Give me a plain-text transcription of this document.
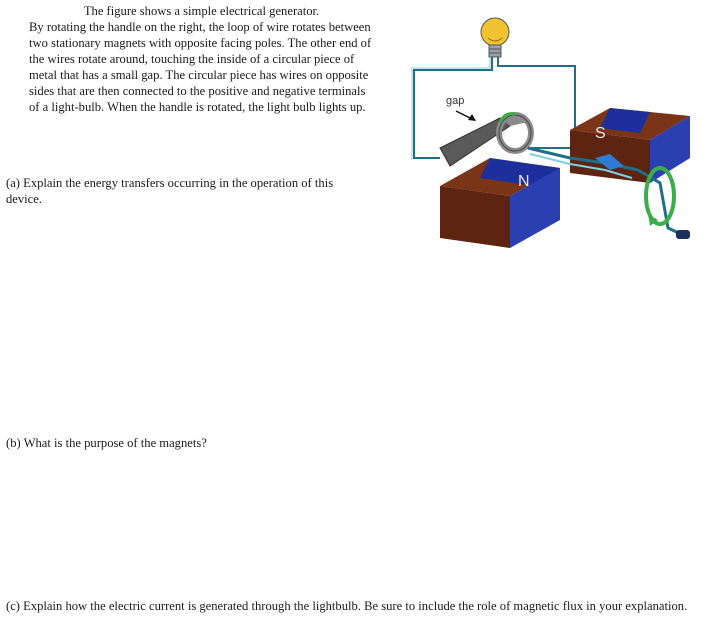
The figure shows a simple electrical generator.
By rotating the handle on the right, the loop of wire rotates between two stationary magnets with opposite facing poles. The other end of the wires rotate around, touching the inside of a circular piece of metal that has a small gap. The circular piece has wires on opposite sides that are then connected to the positive and negative terminals of a light-bulb. When the handle is rotated, the light bulb lights up.
S
gap
N
(a) Explain the energy transfers occurring in the operation of this device.
(b) What is the purpose of the magnets?
(c) Explain how the electric current is generated through the lightbulb. Be sure to include the role of magnetic flux in your explanation.
